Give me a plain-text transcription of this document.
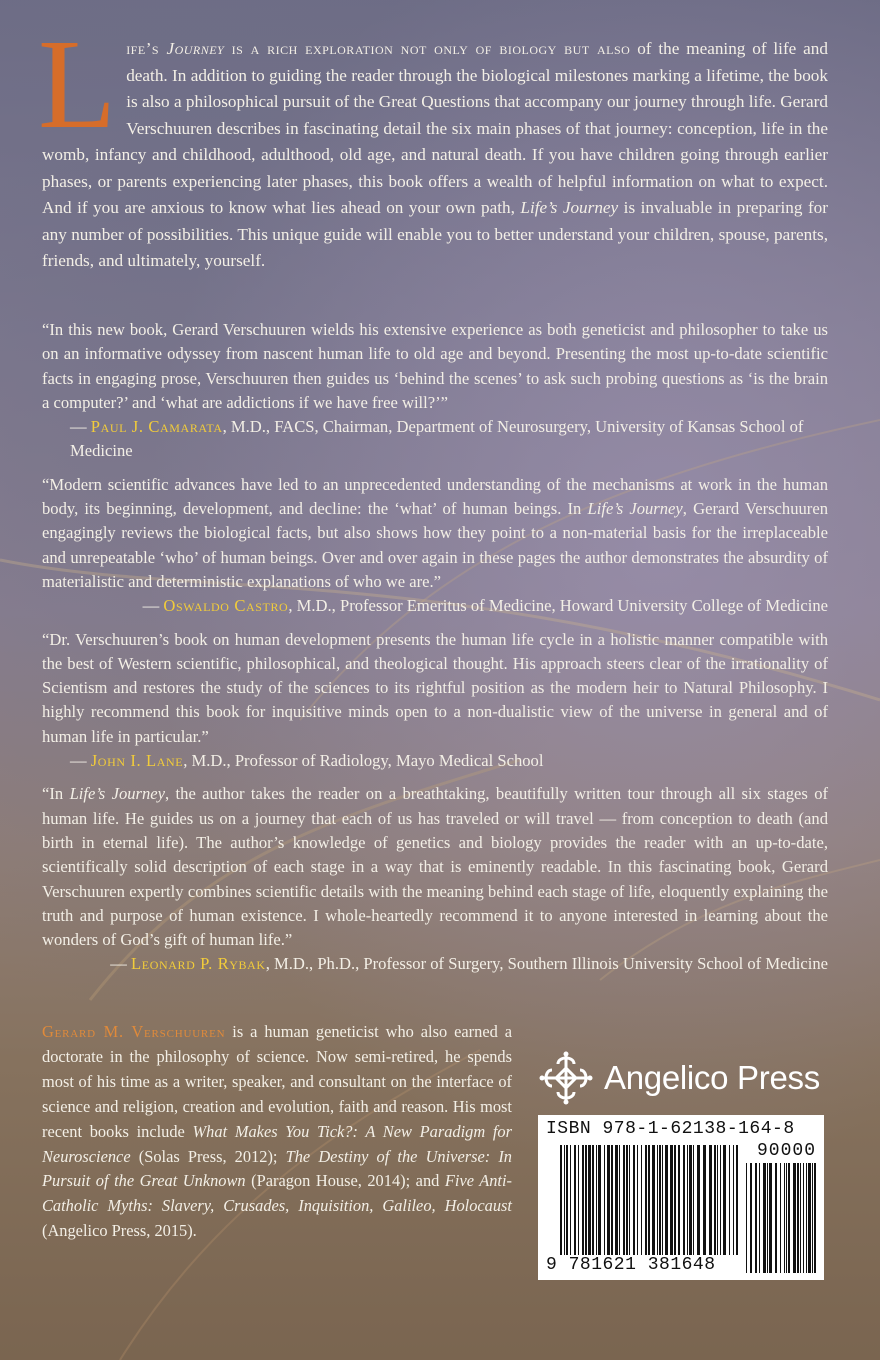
Life’s Journey is a rich exploration not only of biology but also of the meaning of life and death. In addition to guiding the reader through the biological milestones marking a lifetime, the book is also a philosophical pursuit of the Great Questions that accompany our journey through life. Gerard Verschuuren describes in fascinating detail the six main phases of that journey: conception, life in the womb, infancy and childhood, adulthood, old age, and natural death. If you have children going through earlier phases, or parents experiencing later phases, this book offers a wealth of helpful information on what to expect. And if you are anxious to know what lies ahead on your own path, Life’s Journey is invaluable in preparing for any number of possibilities. This unique guide will enable you to better understand your children, spouse, parents, friends, and ultimately, yourself.
“In this new book, Gerard Verschuuren wields his extensive experience as both geneticist and philosopher to take us on an informative odyssey from nascent human life to old age and beyond. Presenting the most up-to-date scientific facts in engaging prose, Verschuuren then guides us ‘behind the scenes’ to ask such probing questions as ‘is the brain a computer?’ and ‘what are addictions if we have free will?’”
— Paul J. Camarata, M.D., FACS, Chairman, Department of Neurosurgery, University of Kansas School of Medicine
“Modern scientific advances have led to an unprecedented understanding of the mechanisms at work in the human body, its beginning, development, and decline: the ‘what’ of human beings. In Life’s Journey, Gerard Verschuuren engagingly reviews the biological facts, but also shows how they point to a non-material basis for the irreplaceable and unrepeatable ‘who’ of human beings. Over and over again in these pages the author demonstrates the absurdity of materialistic and deterministic explanations of who we are.”
— Oswaldo Castro, M.D., Professor Emeritus of Medicine, Howard University College of Medicine
“Dr. Verschuuren’s book on human development presents the human life cycle in a holistic manner compatible with the best of Western scientific, philosophical, and theological thought. His approach steers clear of the irrationality of Scientism and restores the study of the sciences to its rightful position as the modern heir to Natural Philosophy. I highly recommend this book for inquisitive minds open to a non-dualistic view of the universe in general and of human life in particular.”
— John I. Lane, M.D., Professor of Radiology, Mayo Medical School
“In Life’s Journey, the author takes the reader on a breathtaking, beautifully written tour through all six stages of human life. He guides us on a journey that each of us has traveled or will travel — from conception to death (and birth in eternal life). The author’s knowledge of genetics and biology provides the reader with an up-to-date, scientifically solid description of each stage in a way that is eminently readable. In this fascinating book, Gerard Verschuuren expertly combines scientific details with the meaning behind each stage of life, eloquently explaining the truth and purpose of human existence. I whole-heartedly recommend it to anyone interested in learning about the wonders of God’s gift of human life.”
— Leonard P. Rybak, M.D., Ph.D., Professor of Surgery, Southern Illinois University School of Medicine
Gerard M. Verschuuren is a human geneticist who also earned a doctorate in the philosophy of science. Now semi-retired, he spends most of his time as a writer, speaker, and consultant on the interface of science and religion, creation and evolution, faith and reason. His most recent books include What Makes You Tick?: A New Paradigm for Neuroscience (Solas Press, 2012); The Destiny of the Universe: In Pursuit of the Great Unknown (Paragon House, 2014); and Five Anti-Catholic Myths: Slavery, Crusades, Inquisition, Galileo, Holocaust (Angelico Press, 2015).
Angelico Press
ISBN 978-1-62138-164-8
90000
9 781621 381648
